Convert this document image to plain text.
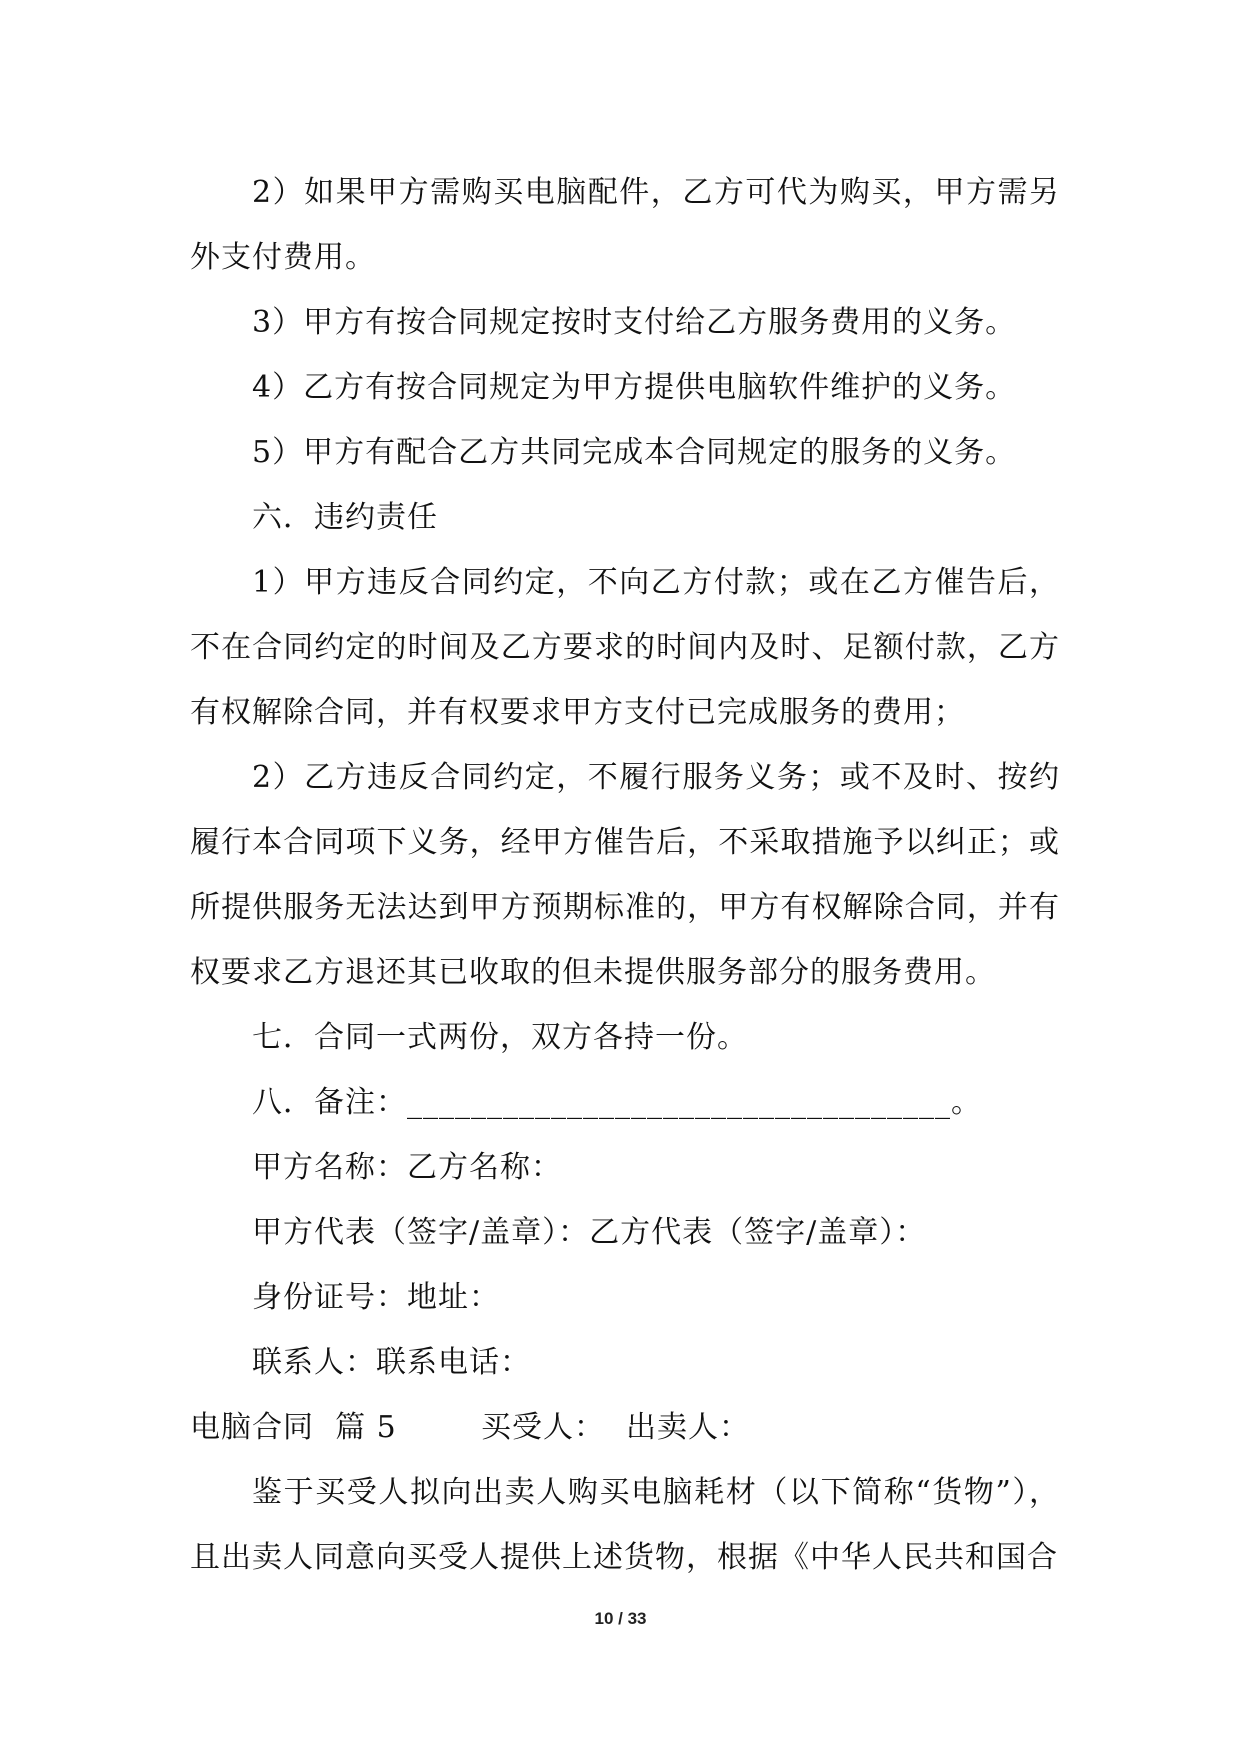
2）如果甲方需购买电脑配件，乙方可代为购买，甲方需另外支付费用。

3）甲方有按合同规定按时支付给乙方服务费用的义务。

4）乙方有按合同规定为甲方提供电脑软件维护的义务。

5）甲方有配合乙方共同完成本合同规定的服务的义务。

六．违约责任

1）甲方违反合同约定，不向乙方付款；或在乙方催告后，不在合同约定的时间及乙方要求的时间内及时、足额付款，乙方有权解除合同，并有权要求甲方支付已完成服务的费用；

2）乙方违反合同约定，不履行服务义务；或不及时、按约履行本合同项下义务，经甲方催告后，不采取措施予以纠正；或所提供服务无法达到甲方预期标准的，甲方有权解除合同，并有权要求乙方退还其已收取的但未提供服务部分的服务费用。

七．合同一式两份，双方各持一份。

八．备注：__________________________________。

甲方名称：乙方名称：

甲方代表（签字/盖章）：乙方代表（签字/盖章）：

身份证号：地址：

联系人：联系电话：

电脑合同  篇 5        买受人：  出卖人：

鉴于买受人拟向出卖人购买电脑耗材（以下简称“货物”），且出卖人同意向买受人提供上述货物，根据《中华人民共和国合

10 / 33
